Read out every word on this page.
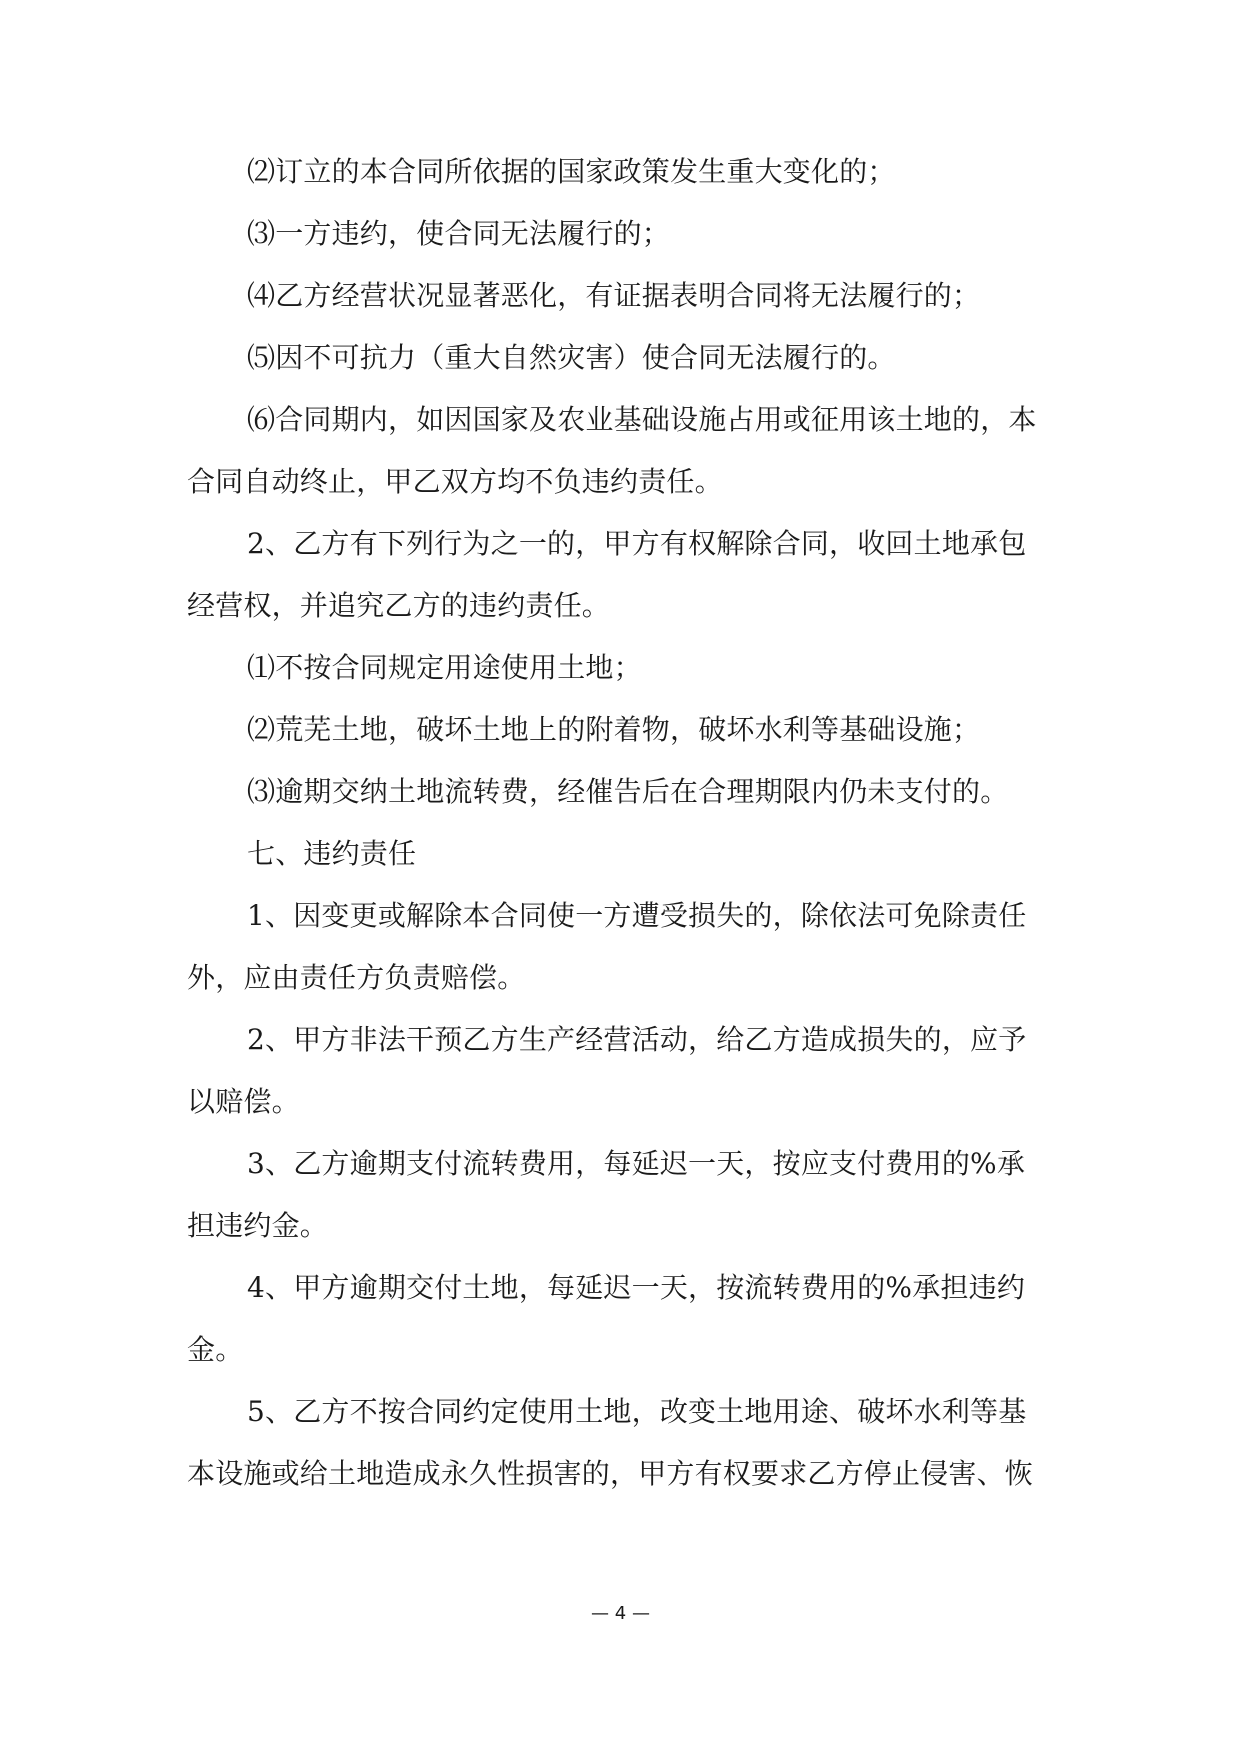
⑵订立的本合同所依据的国家政策发生重大变化的；
⑶一方违约，使合同无法履行的；
⑷乙方经营状况显著恶化，有证据表明合同将无法履行的；
⑸因不可抗力（重大自然灾害）使合同无法履行的。
⑹合同期内，如因国家及农业基础设施占用或征用该土地的，本
合同自动终止，甲乙双方均不负违约责任。
2、乙方有下列行为之一的，甲方有权解除合同，收回土地承包
经营权，并追究乙方的违约责任。
⑴不按合同规定用途使用土地；
⑵荒芜土地，破坏土地上的附着物，破坏水利等基础设施；
⑶逾期交纳土地流转费，经催告后在合理期限内仍未支付的。
七、违约责任
1、因变更或解除本合同使一方遭受损失的，除依法可免除责任
外，应由责任方负责赔偿。
2、甲方非法干预乙方生产经营活动，给乙方造成损失的，应予
以赔偿。
3、乙方逾期支付流转费用，每延迟一天，按应支付费用的%承
担违约金。
4、甲方逾期交付土地，每延迟一天，按流转费用的%承担违约
金。
5、乙方不按合同约定使用土地，改变土地用途、破坏水利等基
本设施或给土地造成永久性损害的，甲方有权要求乙方停止侵害、恢
— 4 —
